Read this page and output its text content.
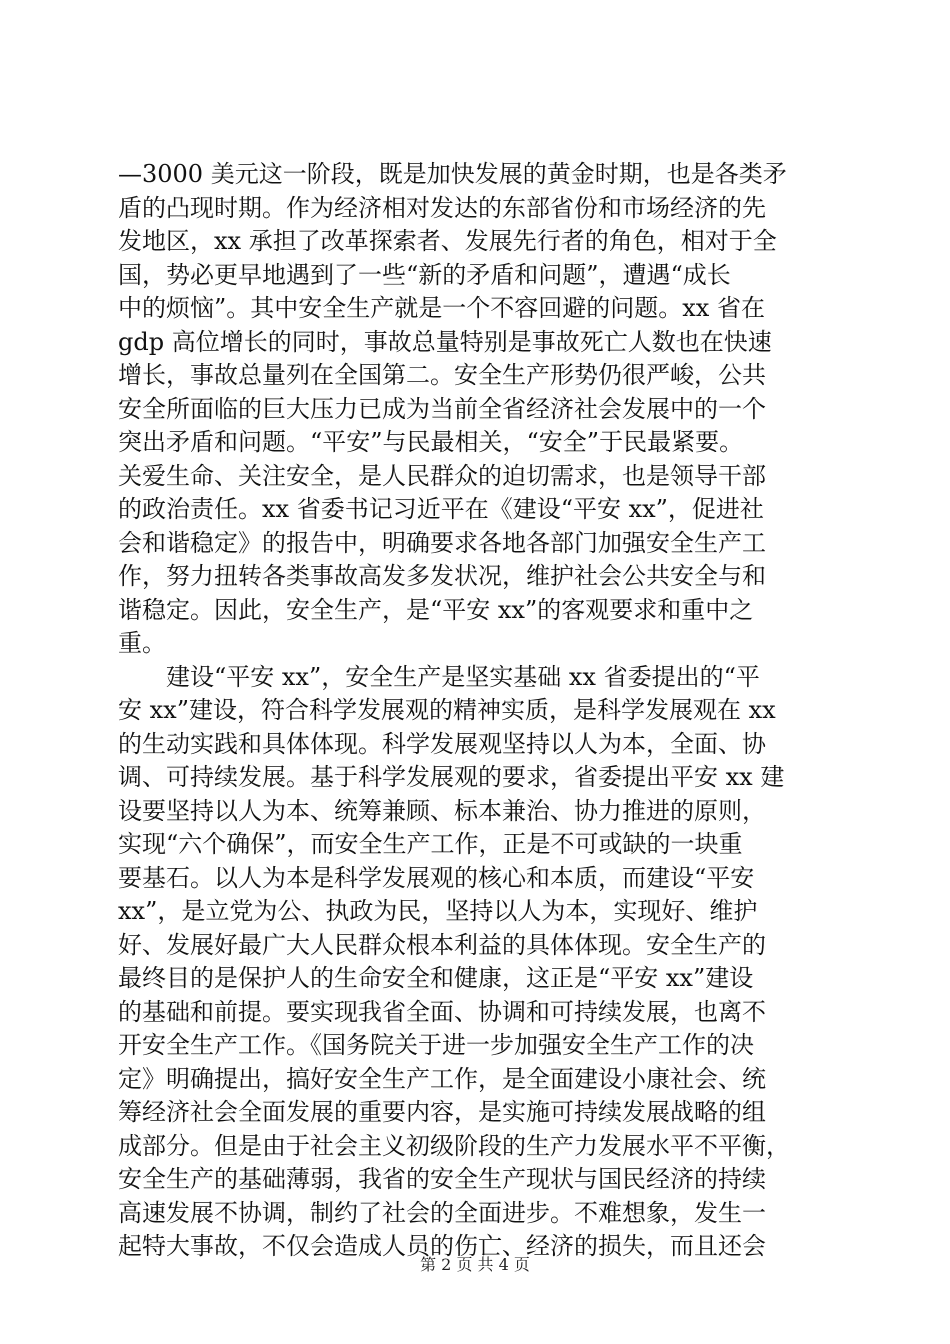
—3000 美元这一阶段，既是加快发展的黄金时期，也是各类矛
盾的凸现时期。作为经济相对发达的东部省份和市场经济的先
发地区，xx 承担了改革探索者、发展先行者的角色，相对于全
国，势必更早地遇到了一些“新的矛盾和问题”，遭遇“成长
中的烦恼”。其中安全生产就是一个不容回避的问题。xx 省在
gdp 高位增长的同时，事故总量特别是事故死亡人数也在快速
增长，事故总量列在全国第二。安全生产形势仍很严峻，公共
安全所面临的巨大压力已成为当前全省经济社会发展中的一个
突出矛盾和问题。“平安”与民最相关，“安全”于民最紧要。
关爱生命、关注安全，是人民群众的迫切需求，也是领导干部
的政治责任。xx 省委书记习近平在《建设“平安 xx”，促进社
会和谐稳定》的报告中，明确要求各地各部门加强安全生产工
作，努力扭转各类事故高发多发状况，维护社会公共安全与和
谐稳定。因此，安全生产，是“平安 xx”的客观要求和重中之
重。
　　建设“平安 xx”，安全生产是坚实基础 xx 省委提出的“平
安 xx”建设，符合科学发展观的精神实质，是科学发展观在 xx
的生动实践和具体体现。科学发展观坚持以人为本，全面、协
调、可持续发展。基于科学发展观的要求，省委提出平安 xx 建
设要坚持以人为本、统筹兼顾、标本兼治、协力推进的原则，
实现“六个确保”，而安全生产工作，正是不可或缺的一块重
要基石。以人为本是科学发展观的核心和本质，而建设“平安
xx”，是立党为公、执政为民，坚持以人为本，实现好、维护
好、发展好最广大人民群众根本利益的具体体现。安全生产的
最终目的是保护人的生命安全和健康，这正是“平安 xx”建设
的基础和前提。要实现我省全面、协调和可持续发展，也离不
开安全生产工作。《国务院关于进一步加强安全生产工作的决
定》明确提出，搞好安全生产工作，是全面建设小康社会、统
筹经济社会全面发展的重要内容，是实施可持续发展战略的组
成部分。但是由于社会主义初级阶段的生产力发展水平不平衡，
安全生产的基础薄弱，我省的安全生产现状与国民经济的持续
高速发展不协调，制约了社会的全面进步。不难想象，发生一
起特大事故，不仅会造成人员的伤亡、经济的损失，而且还会
第 2 页 共 4 页
